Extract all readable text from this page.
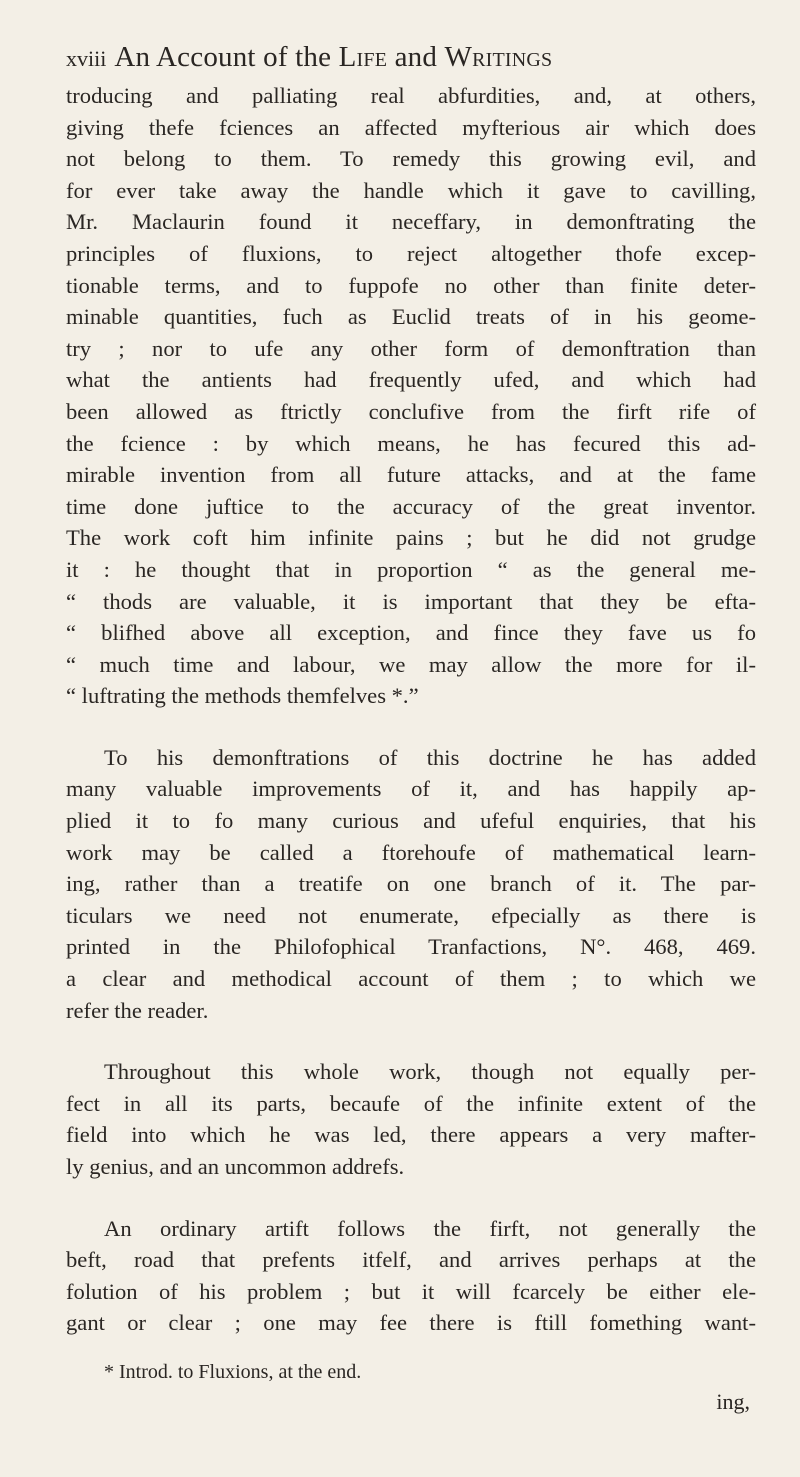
xviii An Account of the Life and Writings
troducing and palliating real abfurdities, and, at others,
giving thefe fciences an affected myfterious air which does
not belong to them. To remedy this growing evil, and
for ever take away the handle which it gave to cavilling,
Mr. Maclaurin found it neceffary, in demonftrating the
principles of fluxions, to reject altogether thofe excep-
tionable terms, and to fuppofe no other than finite deter-
minable quantities, fuch as Euclid treats of in his geome-
try ; nor to ufe any other form of demonftration than
what the antients had frequently ufed, and which had
been allowed as ftrictly conclufive from the firft rife of
the fcience : by which means, he has fecured this ad-
mirable invention from all future attacks, and at the fame
time done juftice to the accuracy of the great inventor.
The work coft him infinite pains ; but he did not grudge
it : he thought that in proportion “ as the general me-
“ thods are valuable, it is important that they be efta-
“ blifhed above all exception, and fince they fave us fo
“ much time and labour, we may allow the more for il-
“ luftrating the methods themfelves *.”
To his demonftrations of this doctrine he has added
many valuable improvements of it, and has happily ap-
plied it to fo many curious and ufeful enquiries, that his
work may be called a ftorehoufe of mathematical learn-
ing, rather than a treatife on one branch of it. The par-
ticulars we need not enumerate, efpecially as there is
printed in the Philofophical Tranfactions, N°. 468, 469.
a clear and methodical account of them ; to which we
refer the reader.
Throughout this whole work, though not equally per-
fect in all its parts, becaufe of the infinite extent of the
field into which he was led, there appears a very mafter-
ly genius, and an uncommon addrefs.
An ordinary artift follows the firft, not generally the
beft, road that prefents itfelf, and arrives perhaps at the
folution of his problem ; but it will fcarcely be either ele-
gant or clear ; one may fee there is ftill fomething want-
* Introd. to Fluxions, at the end.
ing,
